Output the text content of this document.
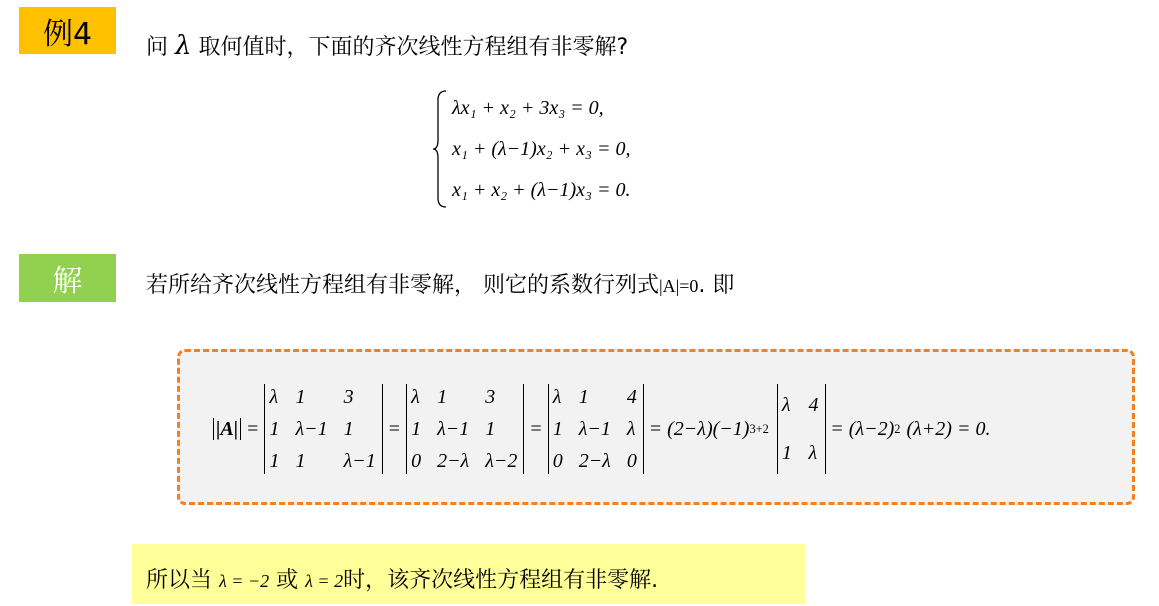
例4 问 λ 取何值时，下面的齐次线性方程组有非零解?
λx₁ + x₂ + 3x₃ = 0,
x₁ + (λ−1)x₂ + x₃ = 0,
x₁ + x₂ + (λ−1)x₃ = 0.
解	若所给齐次线性方程组有非零解， 则它的系数行列式|A|=0. 即
|A| =
λ 1	3
1 λ−1 1
1 1	λ−1
=
λ 1	3
1 λ−1 1
0 2−λ λ−2
=
λ 1	4
1 λ−1 λ
0 2−λ 0
= (2−λ)(−1) 3+2
λ 4
1 λ
= (λ−2) 2 (λ+2) = 0.
所以当 λ = −2 或 λ = 2时，该齐次线性方程组有非零解.
